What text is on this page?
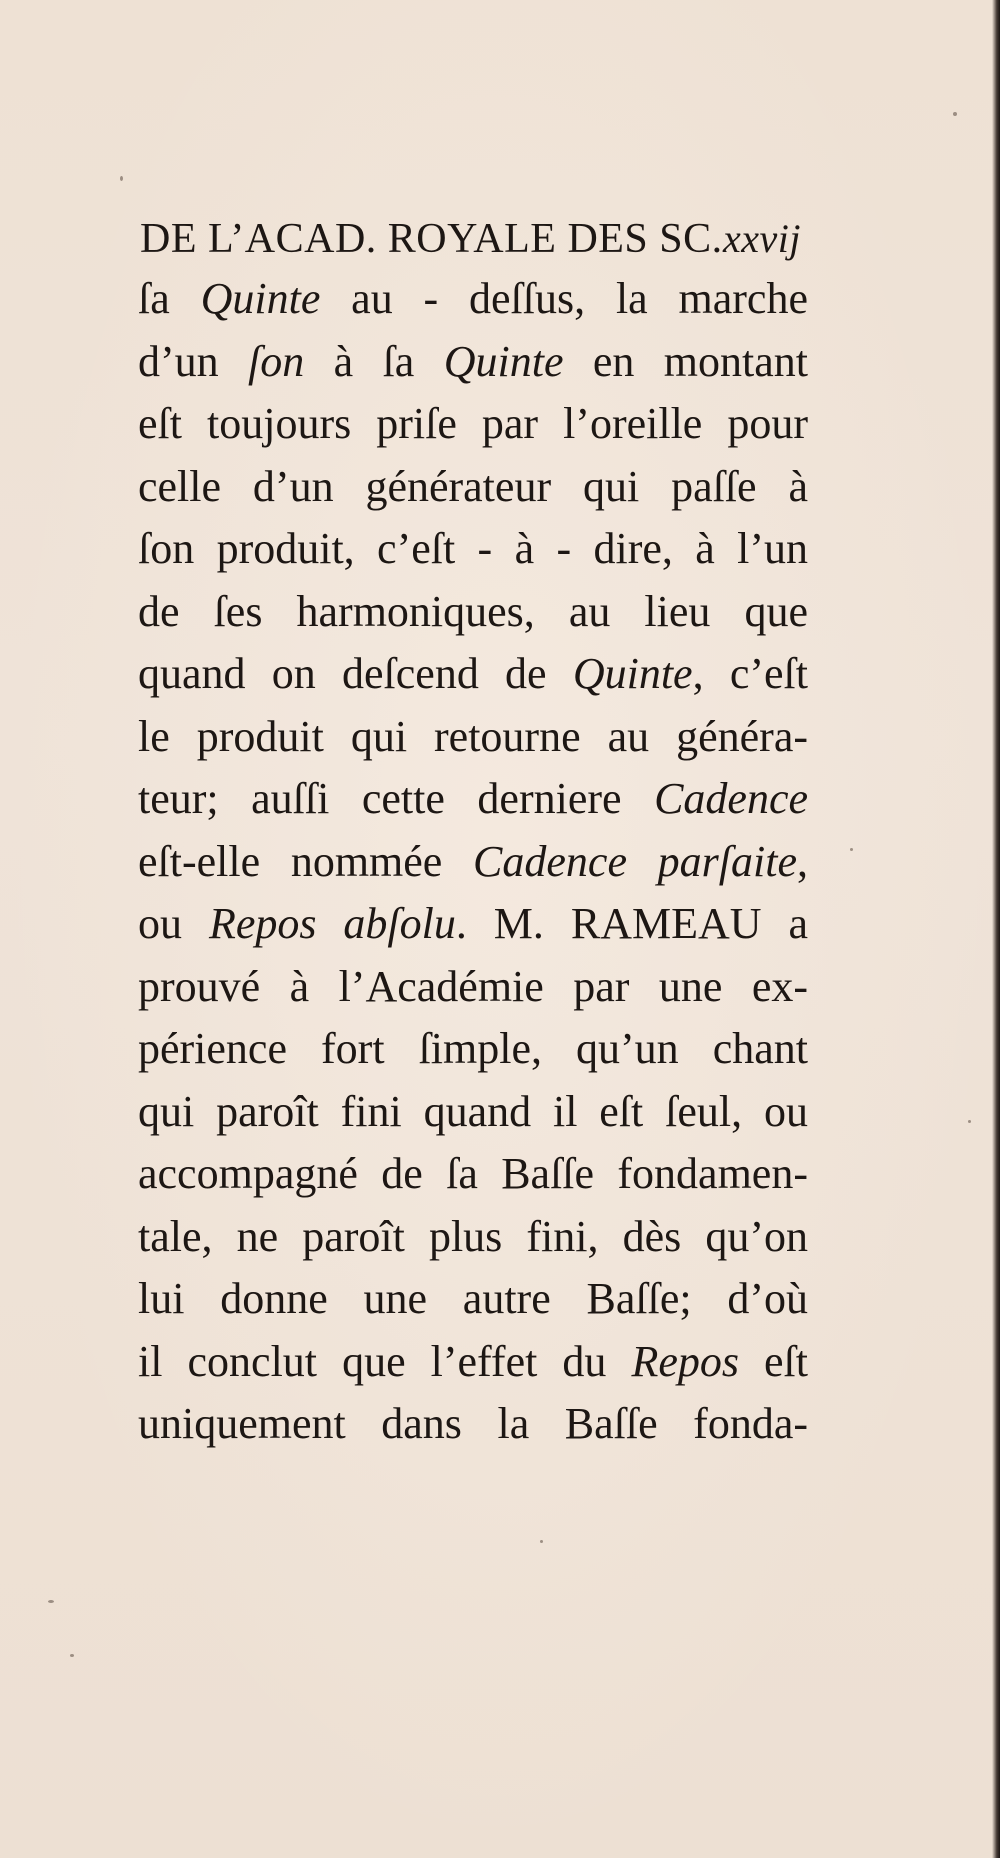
DE L’ACAD. ROYALE DES SC. xxvij
ſa Quinte au - deſſus, la marche
d’un ſon à ſa Quinte en montant
eſt toujours priſe par l’oreille pour
celle d’un générateur qui paſſe à
ſon produit, c’eſt - à - dire, à l’un
de ſes harmoniques, au lieu que
quand on deſcend de Quinte, c’eſt
le produit qui retourne au généra-
teur; auſſi cette derniere Cadence
eſt-elle nommée Cadence parſaite,
ou Repos abſolu. M. RAMEAU a
prouvé à l’Académie par une ex-
périence fort ſimple, qu’un chant
qui paroît fini quand il eſt ſeul, ou
accompagné de ſa Baſſe fondamen-
tale, ne paroît plus fini, dès qu’on
lui donne une autre Baſſe; d’où
il conclut que l’effet du Repos eſt
uniquement dans la Baſſe fonda-
